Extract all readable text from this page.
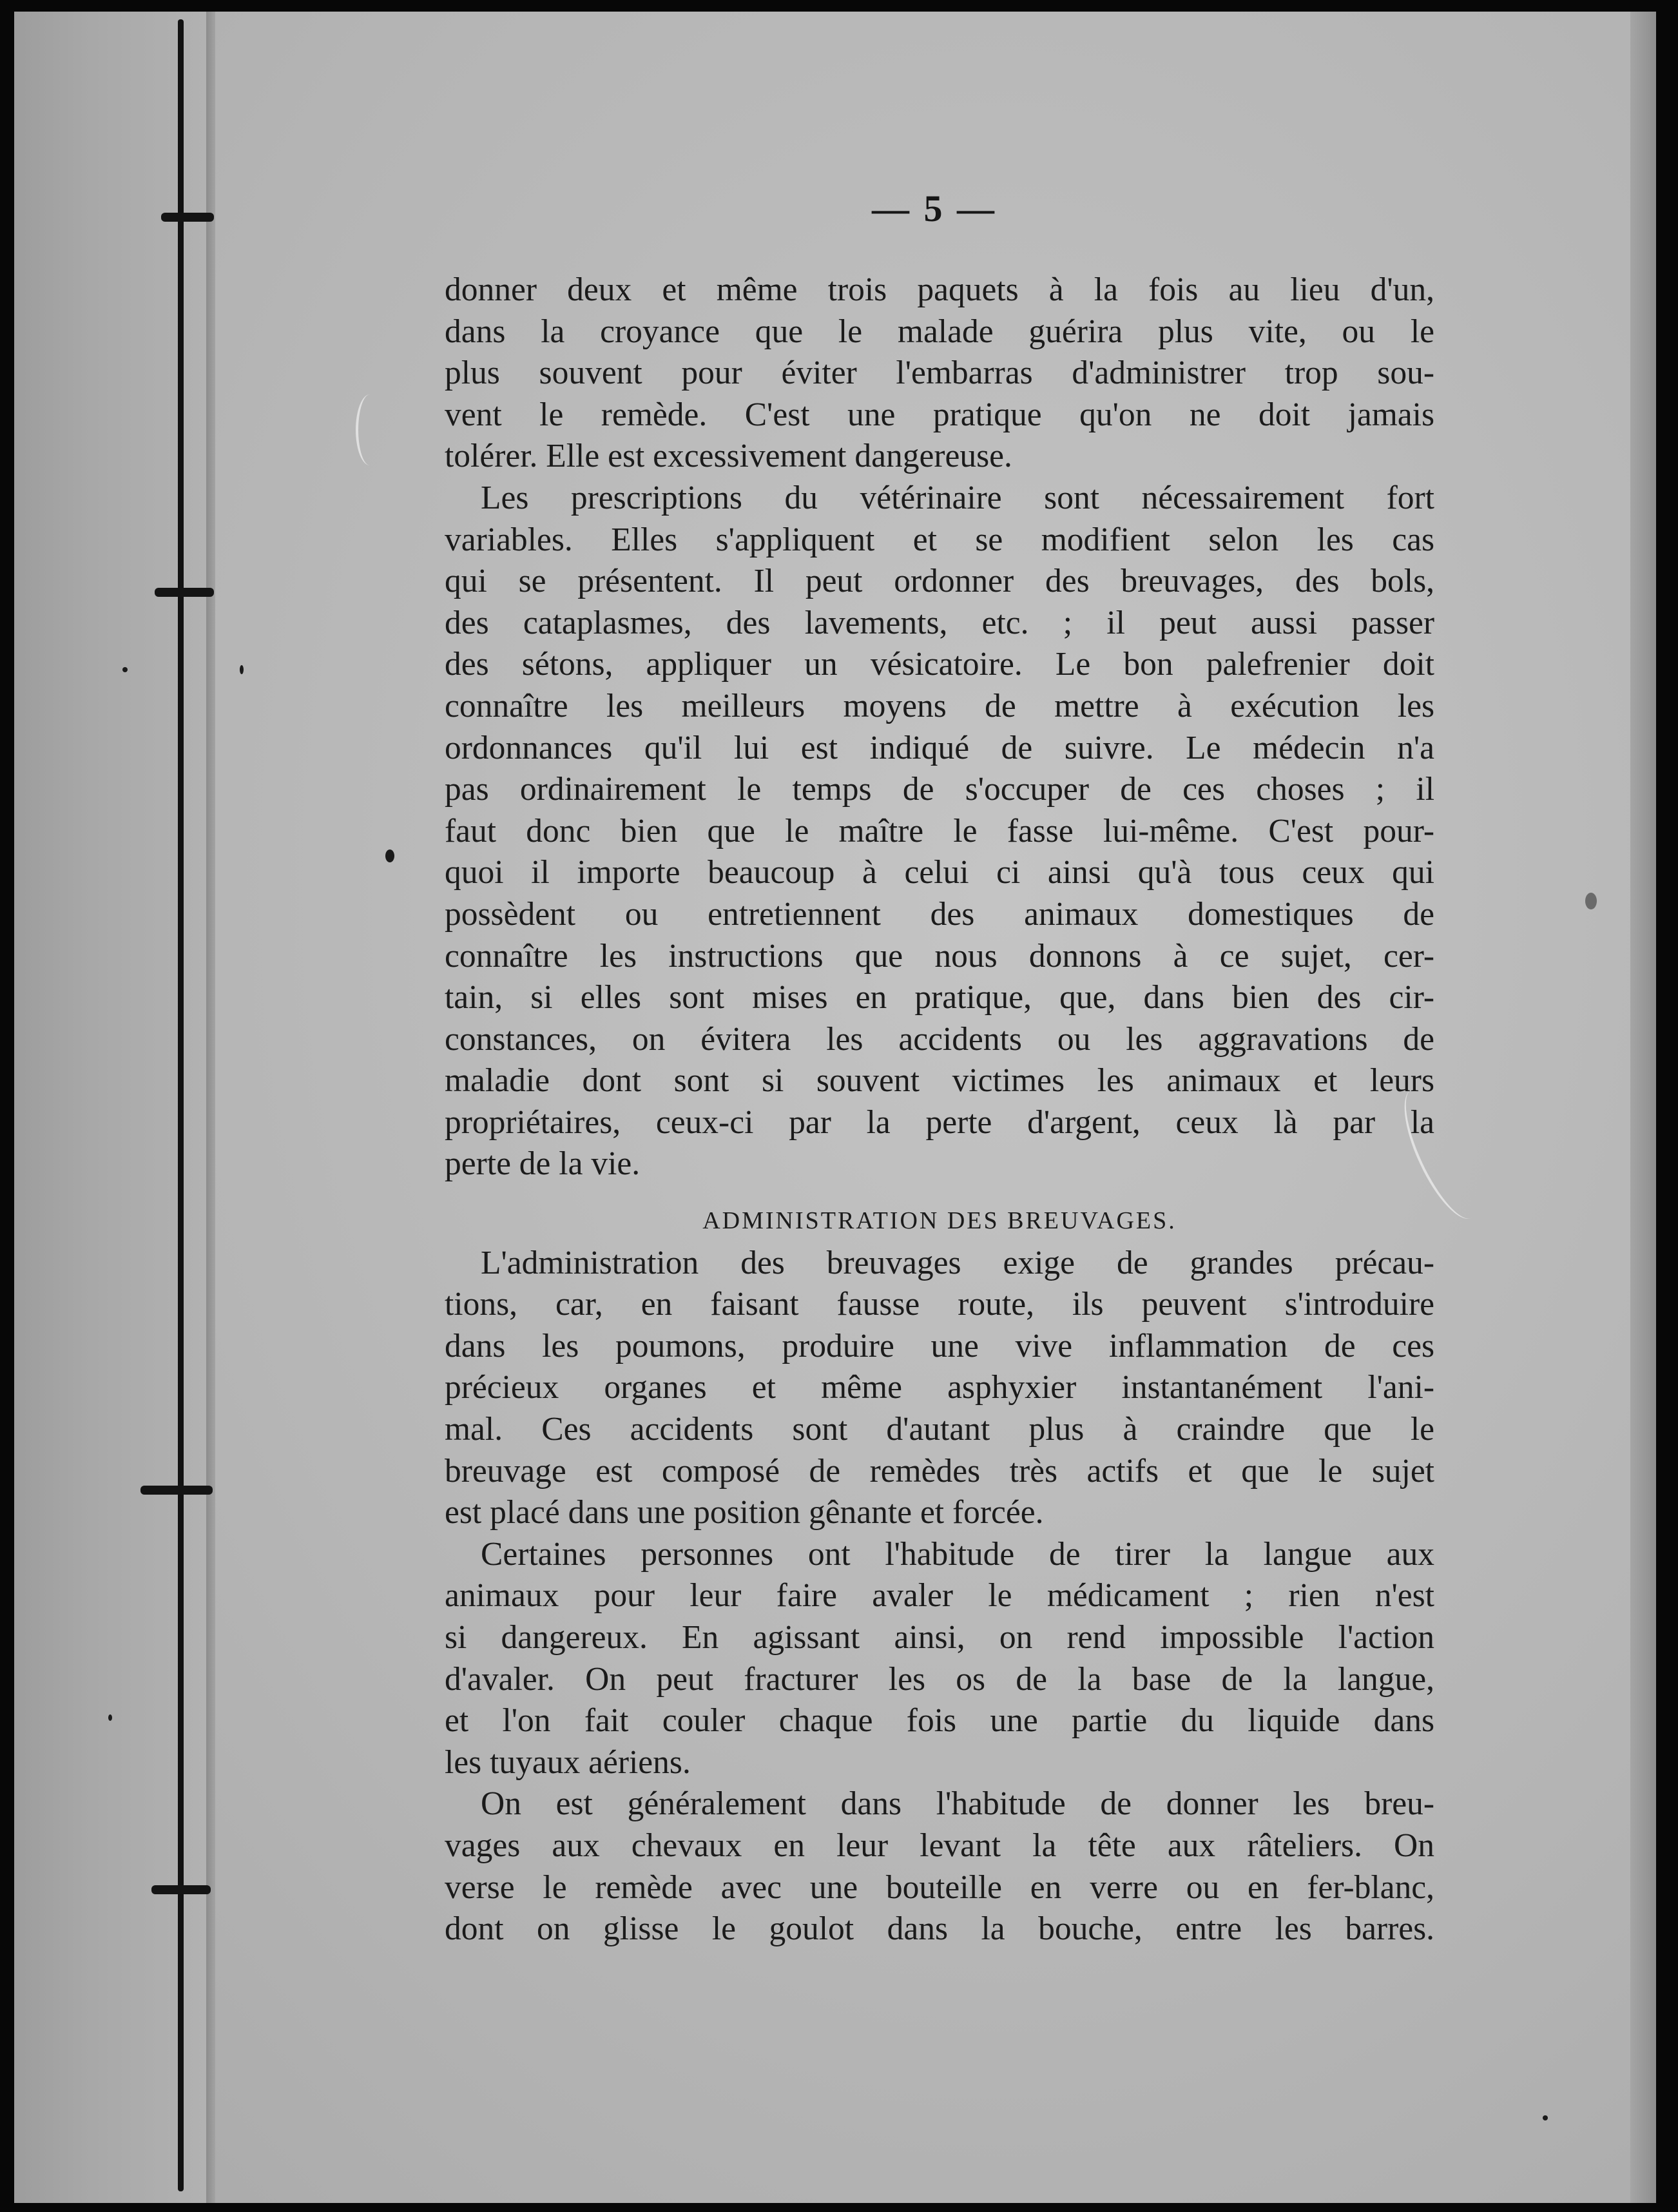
— 5 —
donner deux et même trois paquets à la fois au lieu d'un,
dans la croyance que le malade guérira plus vite, ou le
plus souvent pour éviter l'embarras d'administrer trop sou-
vent le remède. C'est une pratique qu'on ne doit jamais
tolérer. Elle est excessivement dangereuse.
Les prescriptions du vétérinaire sont nécessairement fort
variables. Elles s'appliquent et se modifient selon les cas
qui se présentent. Il peut ordonner des breuvages, des bols,
des cataplasmes, des lavements, etc. ; il peut aussi passer
des sétons, appliquer un vésicatoire. Le bon palefrenier doit
connaître les meilleurs moyens de mettre à exécution les
ordonnances qu'il lui est indiqué de suivre. Le médecin n'a
pas ordinairement le temps de s'occuper de ces choses ; il
faut donc bien que le maître le fasse lui-même. C'est pour-
quoi il importe beaucoup à celui ci ainsi qu'à tous ceux qui
possèdent ou entretiennent des animaux domestiques de
connaître les instructions que nous donnons à ce sujet, cer-
tain, si elles sont mises en pratique, que, dans bien des cir-
constances, on évitera les accidents ou les aggravations de
maladie dont sont si souvent victimes les animaux et leurs
propriétaires, ceux-ci par la perte d'argent, ceux là par la
perte de la vie.
ADMINISTRATION DES BREUVAGES.
L'administration des breuvages exige de grandes précau-
tions, car, en faisant fausse route, ils peuvent s'introduire
dans les poumons, produire une vive inflammation de ces
précieux organes et même asphyxier instantanément l'ani-
mal. Ces accidents sont d'autant plus à craindre que le
breuvage est composé de remèdes très actifs et que le sujet
est placé dans une position gênante et forcée.
Certaines personnes ont l'habitude de tirer la langue aux
animaux pour leur faire avaler le médicament ; rien n'est
si dangereux. En agissant ainsi, on rend impossible l'action
d'avaler. On peut fracturer les os de la base de la langue,
et l'on fait couler chaque fois une partie du liquide dans
les tuyaux aériens.
On est généralement dans l'habitude de donner les breu-
vages aux chevaux en leur levant la tête aux râteliers. On
verse le remède avec une bouteille en verre ou en fer-blanc,
dont on glisse le goulot dans la bouche, entre les barres.
